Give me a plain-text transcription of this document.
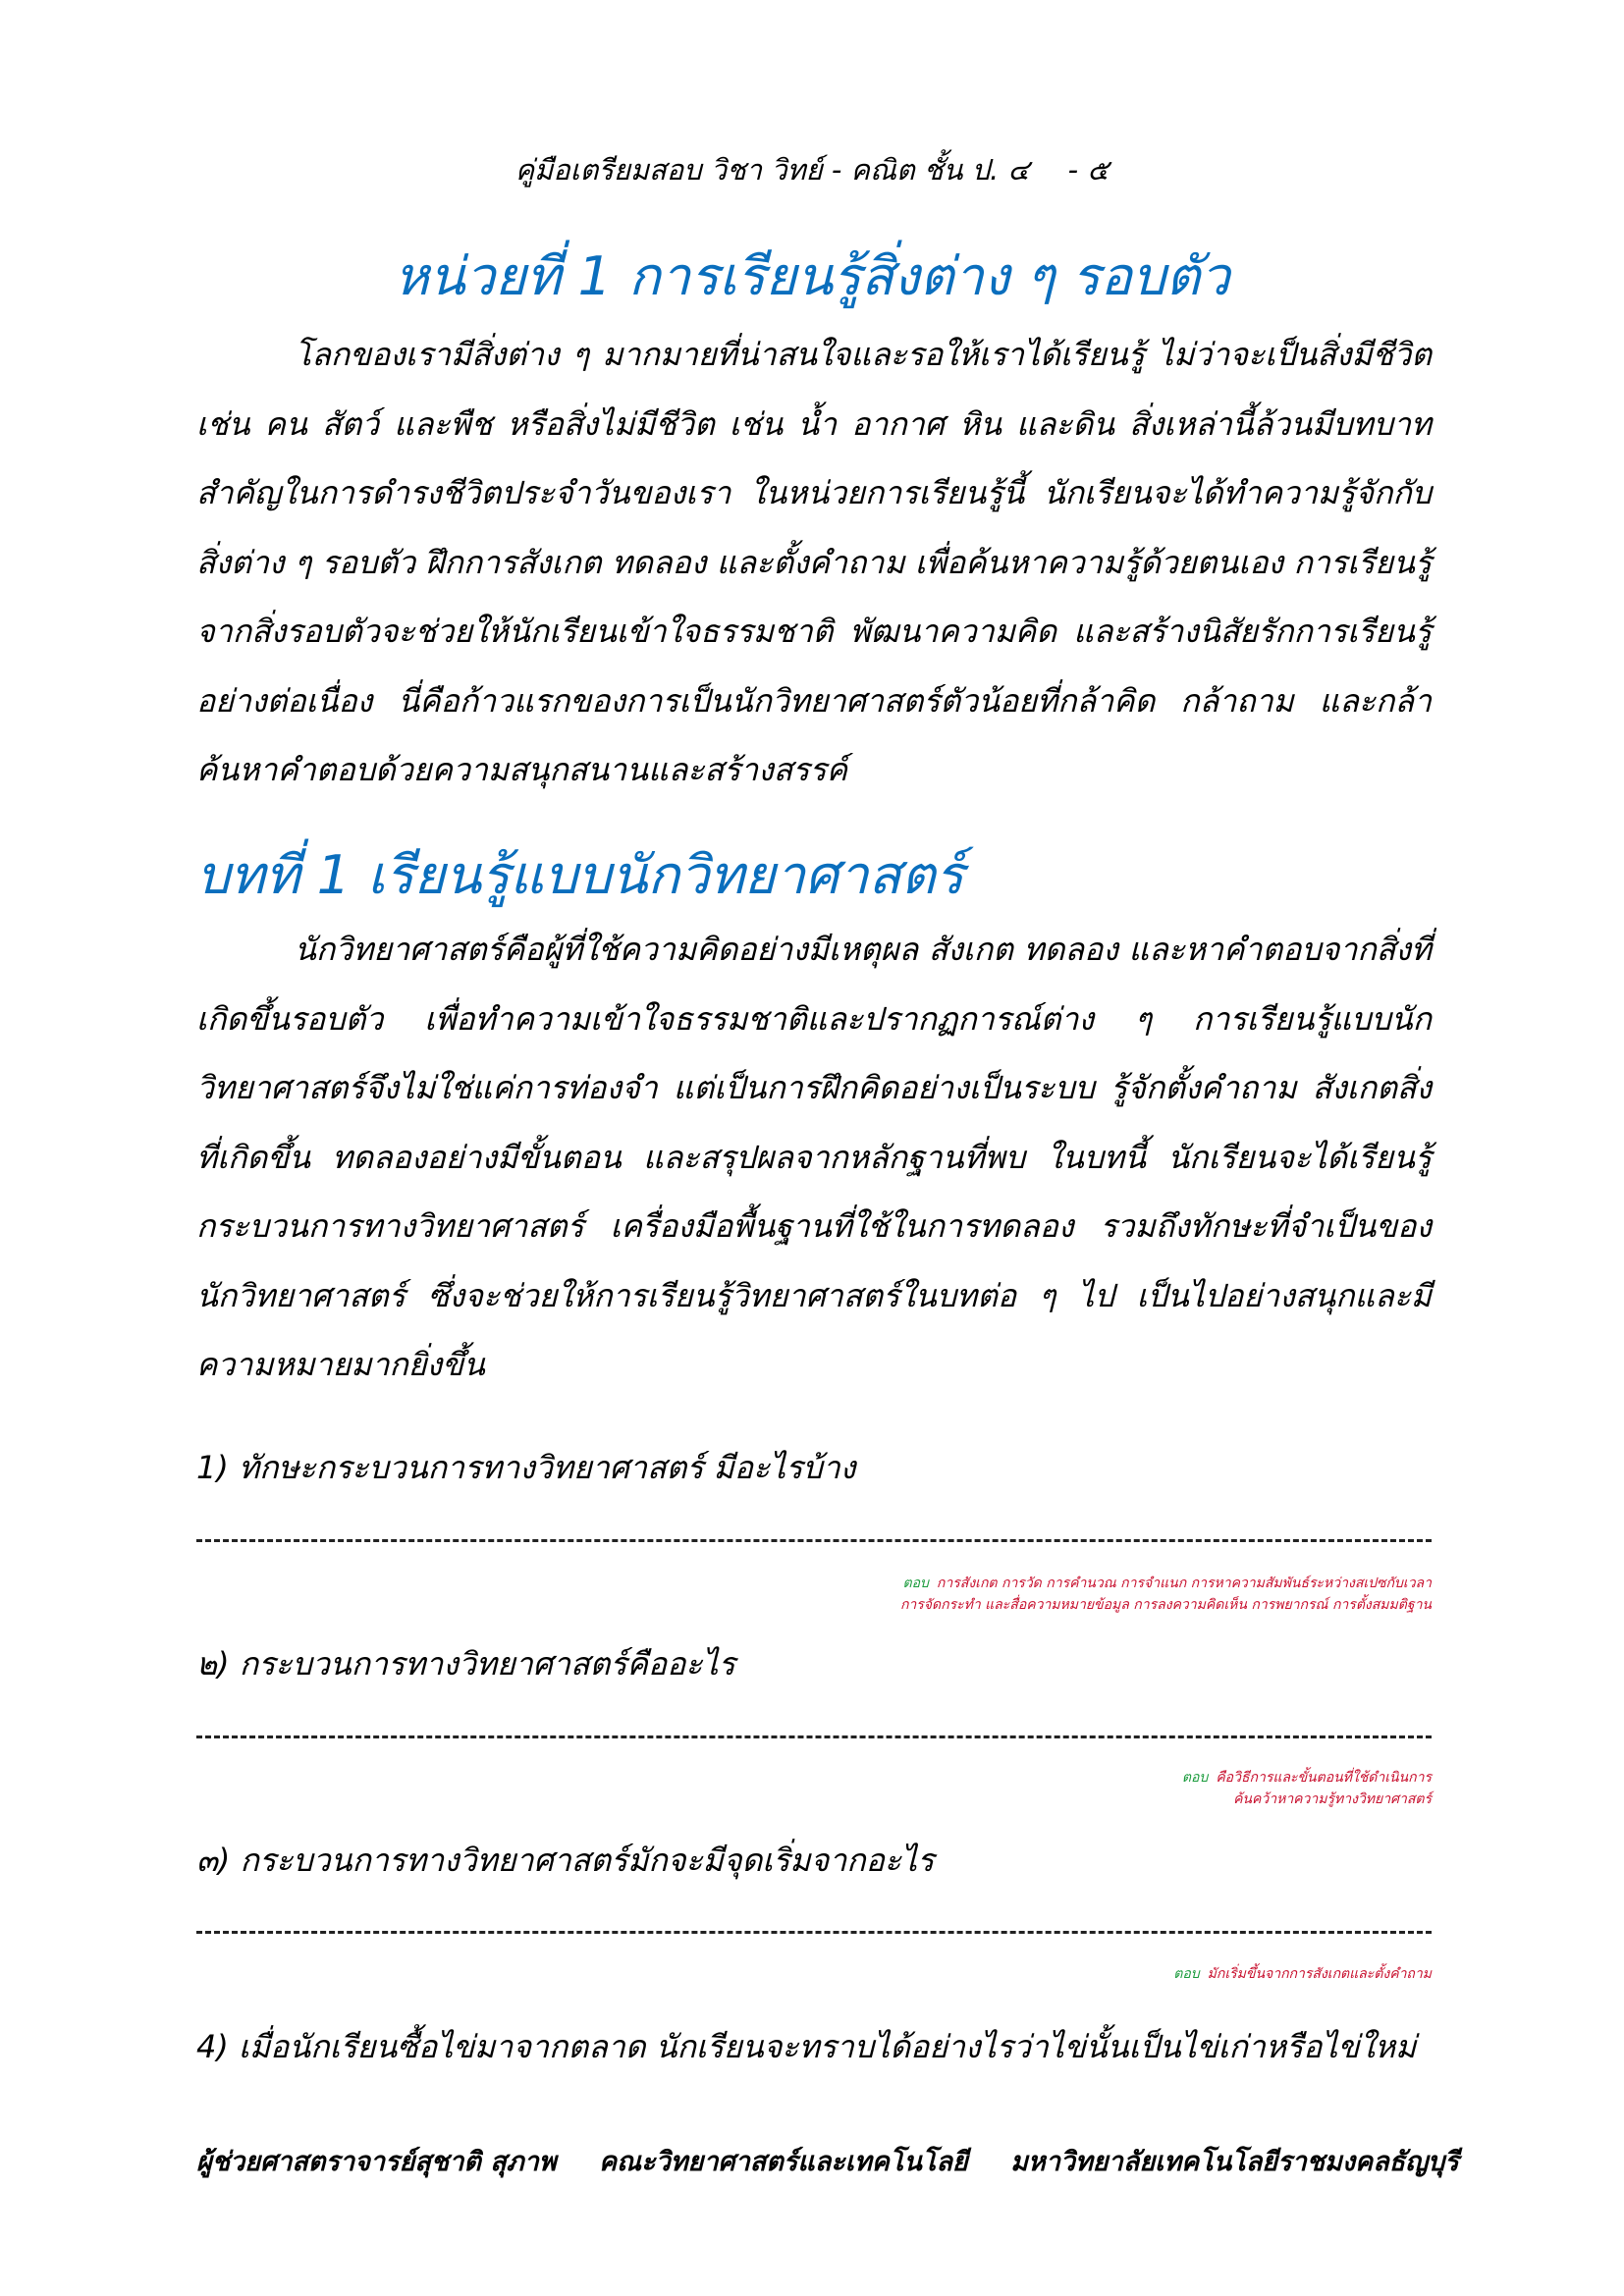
คู่มือเตรียมสอบ วิชา วิทย์ - คณิต ชั้น ป. ๔ - ๕
หน่วยที่ 1 การเรียนรู้สิ่งต่าง ๆ รอบตัว

โลกของเรามีสิ่งต่าง ๆ มากมายที่น่าสนใจและรอให้เราได้เรียนรู้ ไม่ว่าจะเป็นสิ่งมีชีวิต เช่น คน สัตว์ และพืช หรือสิ่งไม่มีชีวิต เช่น น้ำ อากาศ หิน และดิน สิ่งเหล่านี้ล้วนมีบทบาทสำคัญในการดำรงชีวิตประจำวันของเรา ในหน่วยการเรียนรู้นี้ นักเรียนจะได้ทำความรู้จักกับสิ่งต่าง ๆ รอบตัว ฝึกการสังเกต ทดลอง และตั้งคำถาม เพื่อค้นหาความรู้ด้วยตนเอง การเรียนรู้จากสิ่งรอบตัวจะช่วยให้นักเรียนเข้าใจธรรมชาติ พัฒนาความคิด และสร้างนิสัยรักการเรียนรู้อย่างต่อเนื่อง นี่คือก้าวแรกของการเป็นนักวิทยาศาสตร์ตัวน้อยที่กล้าคิด กล้าถาม และกล้าค้นหาคำตอบด้วยความสนุกสนานและสร้างสรรค์

บทที่ 1 เรียนรู้แบบนักวิทยาศาสตร์

นักวิทยาศาสตร์คือผู้ที่ใช้ความคิดอย่างมีเหตุผล สังเกต ทดลอง และหาคำตอบจากสิ่งที่เกิดขึ้นรอบตัว เพื่อทำความเข้าใจธรรมชาติและปรากฏการณ์ต่าง ๆ การเรียนรู้แบบนักวิทยาศาสตร์จึงไม่ใช่แค่การท่องจำ แต่เป็นการฝึกคิดอย่างเป็นระบบ รู้จักตั้งคำถาม สังเกตสิ่งที่เกิดขึ้น ทดลองอย่างมีขั้นตอน และสรุปผลจากหลักฐานที่พบ ในบทนี้ นักเรียนจะได้เรียนรู้กระบวนการทางวิทยาศาสตร์ เครื่องมือพื้นฐานที่ใช้ในการทดลอง รวมถึงทักษะที่จำเป็นของนักวิทยาศาสตร์ ซึ่งจะช่วยให้การเรียนรู้วิทยาศาสตร์ในบทต่อ ๆ ไป เป็นไปอย่างสนุกและมีความหมายมากยิ่งขึ้น

1) ทักษะกระบวนการทางวิทยาศาสตร์ มีอะไรบ้าง
ตอบ การสังเกต การวัด การคำนวณ การจำแนก การหาความสัมพันธ์ระหว่างสเปซกับเวลา
การจัดกระทำ และสื่อความหมายข้อมูล การลงความคิดเห็น การพยากรณ์ การตั้งสมมติฐาน
๒) กระบวนการทางวิทยาศาสตร์คืออะไร
ตอบ คือวิธีการและขั้นตอนที่ใช้ดำเนินการ
ค้นคว้าหาความรู้ทางวิทยาศาสตร์
๓) กระบวนการทางวิทยาศาสตร์มักจะมีจุดเริ่มจากอะไร
ตอบ มักเริ่มขึ้นจากการสังเกตและตั้งคำถาม
4) เมื่อนักเรียนซื้อไข่มาจากตลาด นักเรียนจะทราบได้อย่างไรว่าไข่นั้นเป็นไข่เก่าหรือไข่ใหม่
ผู้ช่วยศาสตราจารย์สุชาติ สุภาพ คณะวิทยาศาสตร์และเทคโนโลยี มหาวิทยาลัยเทคโนโลยีราชมงคลธัญบุรี
